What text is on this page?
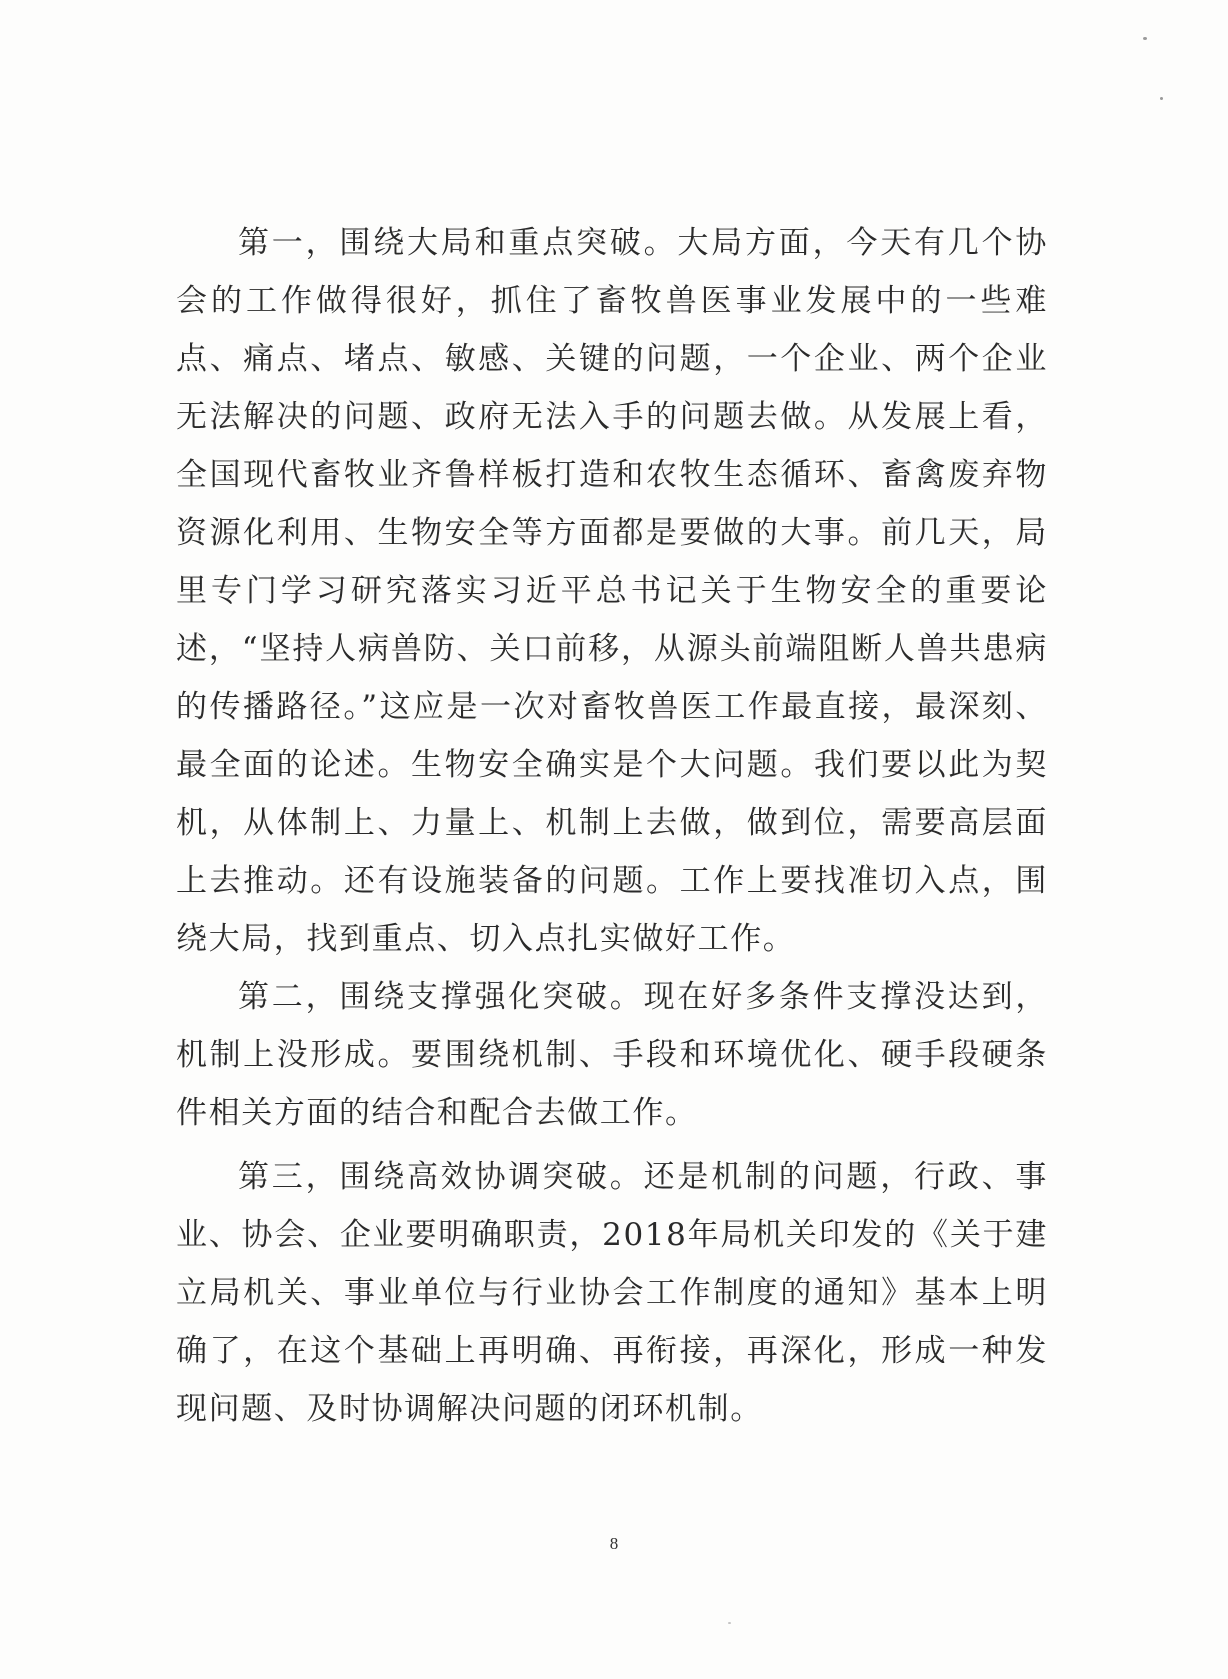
第一，围绕大局和重点突破。大局方面，今天有几个协会的工作做得很好，抓住了畜牧兽医事业发展中的一些难点、痛点、堵点、敏感、关键的问题，一个企业、两个企业无法解决的问题、政府无法入手的问题去做。从发展上看，全国现代畜牧业齐鲁样板打造和农牧生态循环、畜禽废弃物资源化利用、生物安全等方面都是要做的大事。前几天，局里专门学习研究落实习近平总书记关于生物安全的重要论述，“坚持人病兽防、关口前移，从源头前端阻断人兽共患病的传播路径。”这应是一次对畜牧兽医工作最直接，最深刻、最全面的论述。生物安全确实是个大问题。我们要以此为契机，从体制上、力量上、机制上去做，做到位，需要高层面上去推动。还有设施装备的问题。工作上要找准切入点，围绕大局，找到重点、切入点扎实做好工作。

第二，围绕支撑强化突破。现在好多条件支撑没达到，机制上没形成。要围绕机制、手段和环境优化、硬手段硬条件相关方面的结合和配合去做工作。

第三，围绕高效协调突破。还是机制的问题，行政、事业、协会、企业要明确职责，2018年局机关印发的《关于建立局机关、事业单位与行业协会工作制度的通知》基本上明确了，在这个基础上再明确、再衔接，再深化，形成一种发现问题、及时协调解决问题的闭环机制。

8
